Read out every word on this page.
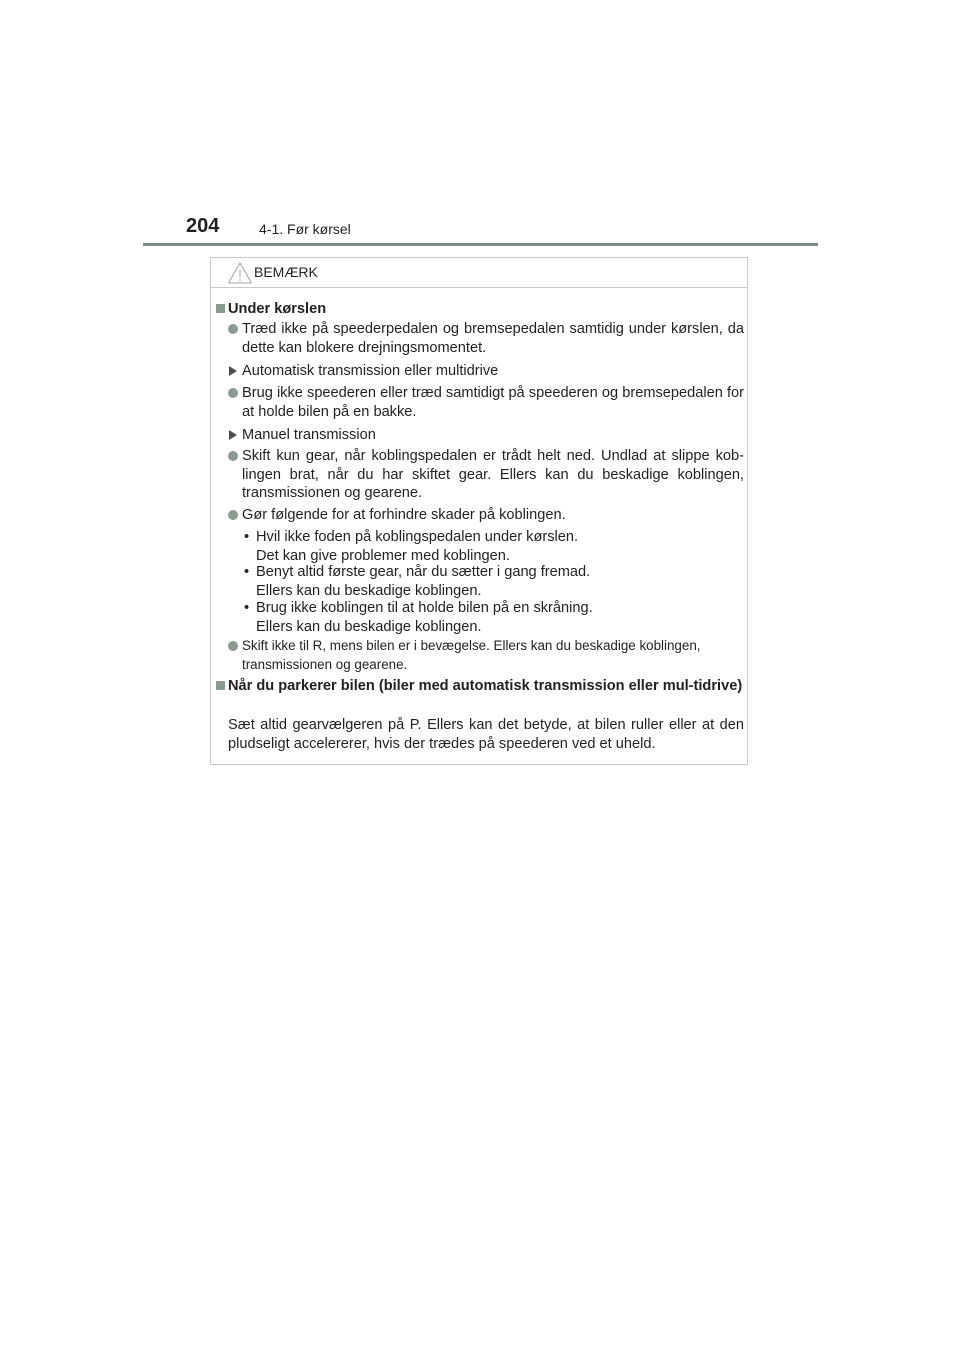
204	4-1. Før kørsel
BEMÆRK
Under kørslen
Træd ikke på speederpedalen og bremsepedalen samtidig under kørslen, da dette kan blokere drejningsmomentet.
Automatisk transmission eller multidrive
Brug ikke speederen eller træd samtidigt på speederen og bremsepedalen for at holde bilen på en bakke.
Manuel transmission
Skift kun gear, når koblingspedalen er trådt helt ned. Undlad at slippe kob-lingen brat, når du har skiftet gear. Ellers kan du beskadige koblingen, transmissionen og gearene.
Gør følgende for at forhindre skader på koblingen.
• Hvil ikke foden på koblingspedalen under kørslen.
Det kan give problemer med koblingen.
• Benyt altid første gear, når du sætter i gang fremad.
Ellers kan du beskadige koblingen.
• Brug ikke koblingen til at holde bilen på en skråning.
Ellers kan du beskadige koblingen.
Skift ikke til R, mens bilen er i bevægelse. Ellers kan du beskadige koblingen, transmissionen og gearene.
Når du parkerer bilen (biler med automatisk transmission eller mul-tidrive)
Sæt altid gearvælgeren på P. Ellers kan det betyde, at bilen ruller eller at den pludseligt accelererer, hvis der trædes på speederen ved et uheld.
